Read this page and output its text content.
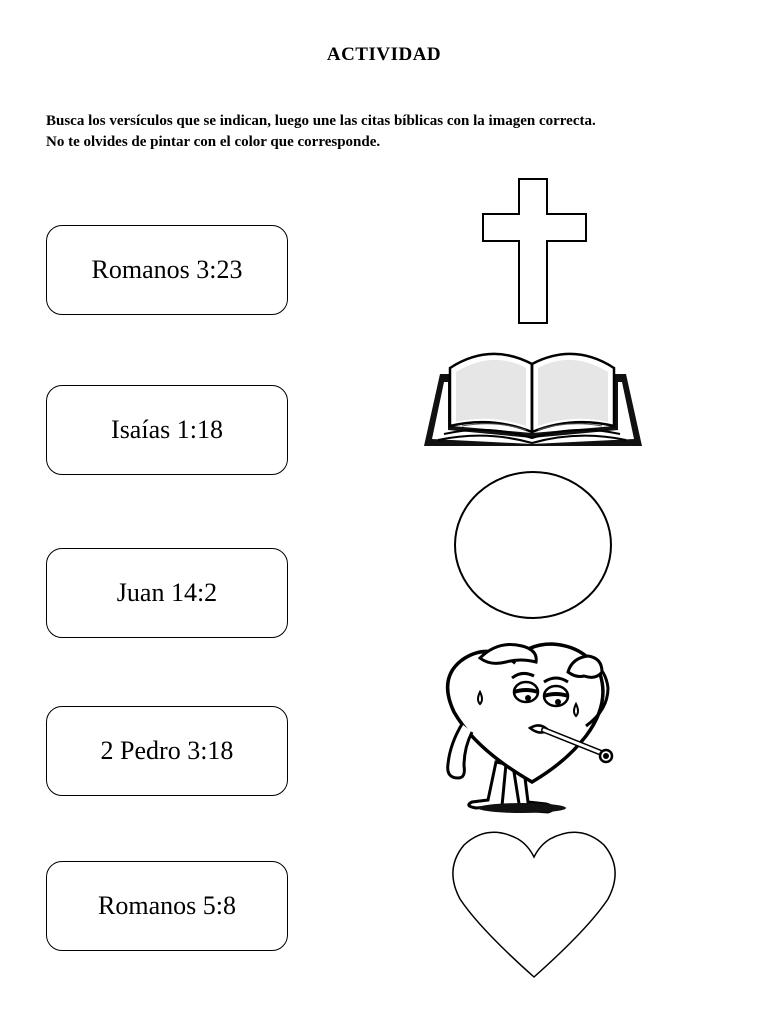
ACTIVIDAD
Busca los versículos que se indican, luego une las citas bíblicas con la imagen correcta.
No te olvides de pintar con el color que corresponde.
Romanos 3:23
Isaías 1:18
Juan 14:2
2 Pedro 3:18
Romanos 5:8
